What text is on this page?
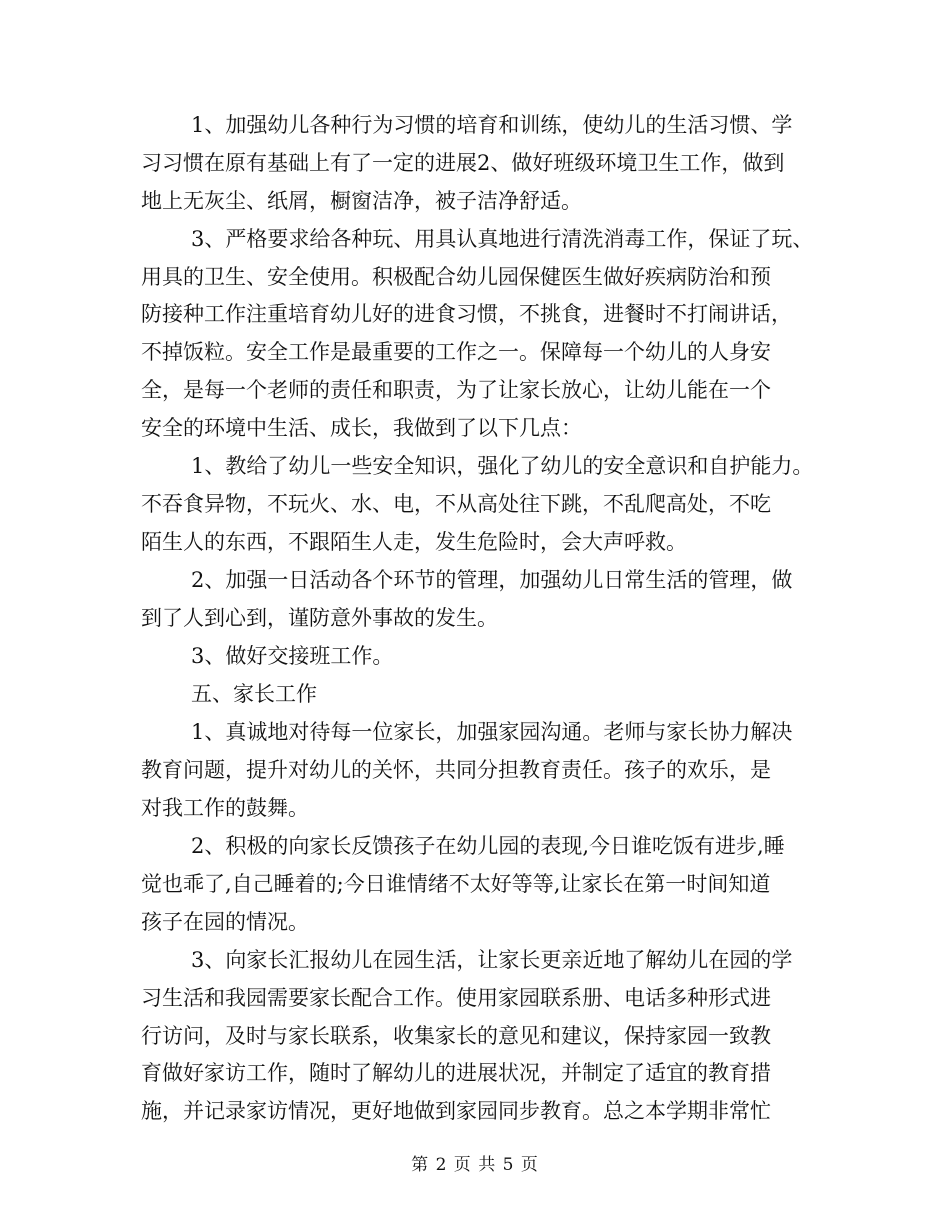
1、加强幼儿各种行为习惯的培育和训练，使幼儿的生活习惯、学
习习惯在原有基础上有了一定的进展2、做好班级环境卫生工作，做到
地上无灰尘、纸屑，橱窗洁净，被子洁净舒适。
3、严格要求给各种玩、用具认真地进行清洗消毒工作，保证了玩、
用具的卫生、安全使用。积极配合幼儿园保健医生做好疾病防治和预
防接种工作注重培育幼儿好的进食习惯，不挑食，进餐时不打闹讲话，
不掉饭粒。安全工作是最重要的工作之一。保障每一个幼儿的人身安
全，是每一个老师的责任和职责，为了让家长放心，让幼儿能在一个
安全的环境中生活、成长，我做到了以下几点：
1、教给了幼儿一些安全知识，强化了幼儿的安全意识和自护能力。
不吞食异物，不玩火、水、电，不从高处往下跳，不乱爬高处，不吃
陌生人的东西，不跟陌生人走，发生危险时，会大声呼救。
2、加强一日活动各个环节的管理，加强幼儿日常生活的管理，做
到了人到心到，谨防意外事故的发生。
3、做好交接班工作。
五、家长工作
1、真诚地对待每一位家长，加强家园沟通。老师与家长协力解决
教育问题，提升对幼儿的关怀，共同分担教育责任。孩子的欢乐，是
对我工作的鼓舞。
2、积极的向家长反馈孩子在幼儿园的表现,今日谁吃饭有进步,睡
觉也乖了,自己睡着的;今日谁情绪不太好等等,让家长在第一时间知道
孩子在园的情况。
3、向家长汇报幼儿在园生活，让家长更亲近地了解幼儿在园的学
习生活和我园需要家长配合工作。使用家园联系册、电话多种形式进
行访问，及时与家长联系，收集家长的意见和建议，保持家园一致教
育做好家访工作，随时了解幼儿的进展状况，并制定了适宜的教育措
施，并记录家访情况，更好地做到家园同步教育。总之本学期非常忙
第 2 页 共 5 页
